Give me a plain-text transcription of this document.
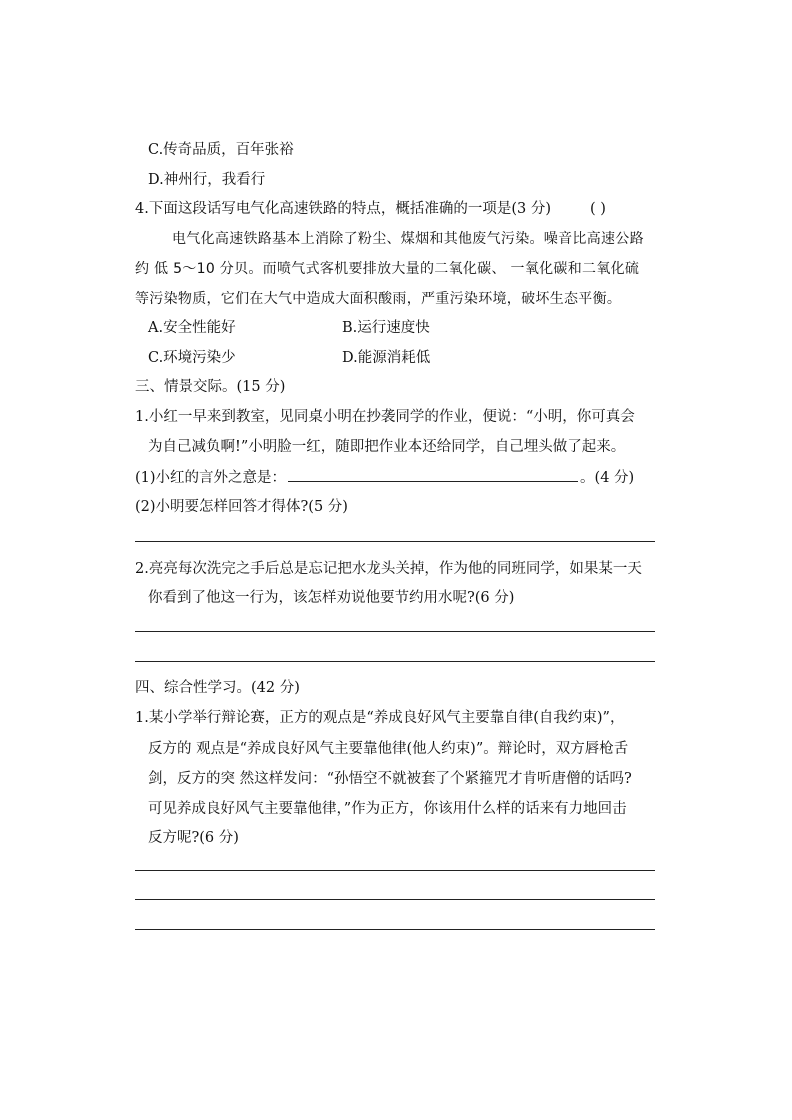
C.传奇品质，百年张裕
D.神州行，我看行
4.下面这段话写电气化高速铁路的特点，概括准确的一项是(3 分)	( )
电气化高速铁路基本上消除了粉尘、煤烟和其他废气污染。噪音比高速公路
约 低 5～10 分贝。而喷气式客机要排放大量的二氧化碳、 一氧化碳和二氧化硫
等污染物质，它们在大气中造成大面积酸雨，严重污染环境，破坏生态平衡。
A.安全性能好	B.运行速度快
C.环境污染少	D.能源消耗低
三、情景交际。(15 分)
1.小红一早来到教室，见同桌小明在抄袭同学的作业，便说：“小明，你可真会
为自己减负啊!”小明脸一红，随即把作业本还给同学，自己埋头做了起来。
(1)小红的言外之意是：	。(4 分)
(2)小明要怎样回答才得体?(5 分)
2.亮亮每次洗完之手后总是忘记把水龙头关掉，作为他的同班同学，如果某一天
你看到了他这一行为，该怎样劝说他要节约用水呢?(6 分)
四、综合性学习。(42 分)
1.某小学举行辩论赛，正方的观点是“养成良好风气主要靠自律(自我约束)”，
反方的 观点是“养成良好风气主要靠他律(他人约束)”。辩论时，双方唇枪舌
剑，反方的突 然这样发问：“孙悟空不就被套了个紧箍咒才肯听唐僧的话吗?
可见养成良好风气主要靠他律，”作为正方，你该用什么样的话来有力地回击
反方呢?(6 分)
